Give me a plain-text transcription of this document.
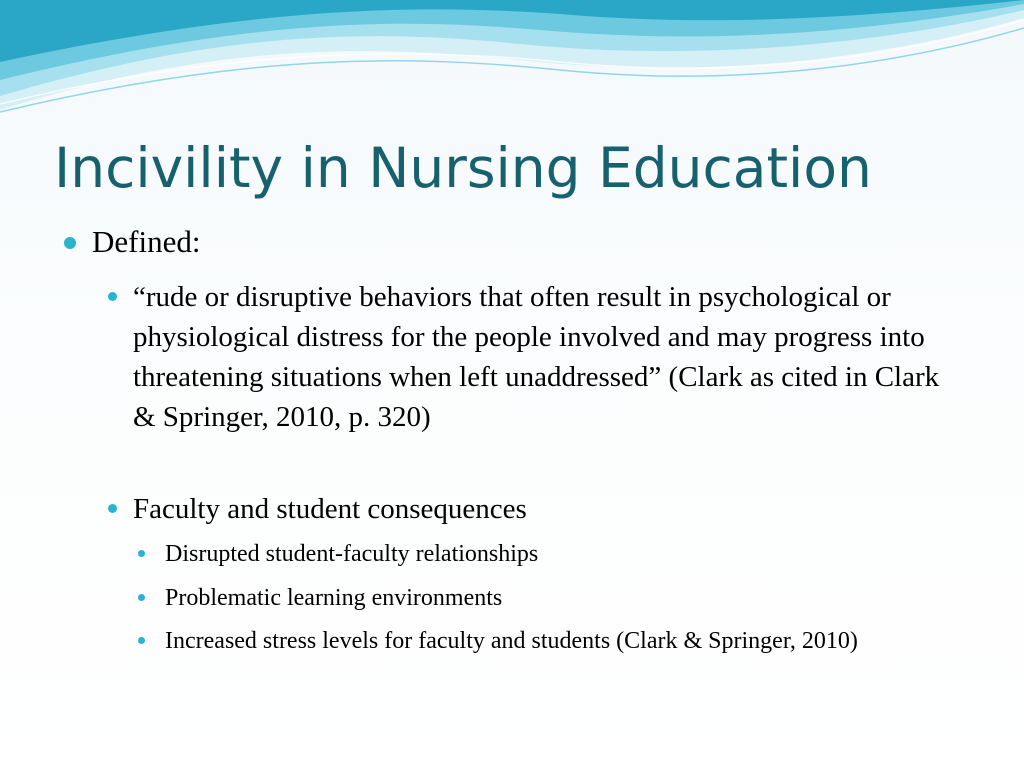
Incivility in Nursing Education
Defined:
“rude or disruptive behaviors that often result in psychological or physiological distress for the people involved and may progress into threatening situations when left unaddressed” (Clark as cited in Clark & Springer, 2010, p. 320)
Faculty and student consequences
Disrupted student-faculty relationships
Problematic learning environments
Increased stress levels for faculty and students (Clark & Springer, 2010)
